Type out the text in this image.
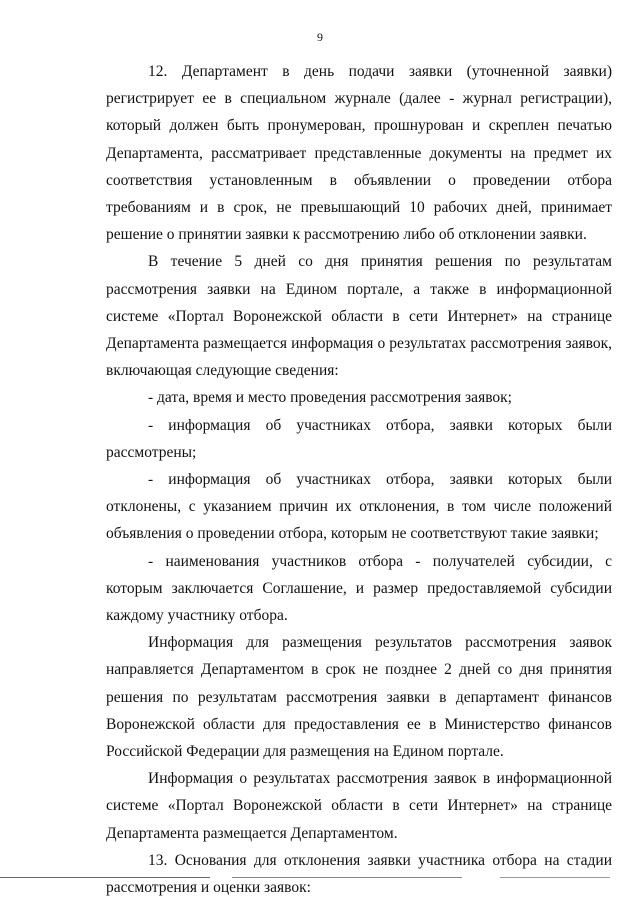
9

12. Департамент в день подачи заявки (уточненной заявки) регистрирует ее в специальном журнале (далее - журнал регистрации), который должен быть пронумерован, прошнурован и скреплен печатью Департамента, рассматривает представленные документы на предмет их соответствия установленным в объявлении о проведении отбора требованиям и в срок, не превышающий 10 рабочих дней, принимает решение о принятии заявки к рассмотрению либо об отклонении заявки.

В течение 5 дней со дня принятия решения по результатам рассмотрения заявки на Едином портале, а также в информационной системе «Портал Воронежской области в сети Интернет» на странице Департамента размещается информация о результатах рассмотрения заявок, включающая следующие сведения:

- дата, время и место проведения рассмотрения заявок;

- информация об участниках отбора, заявки которых были рассмотрены;

- информация об участниках отбора, заявки которых были отклонены, с указанием причин их отклонения, в том числе положений объявления о проведении отбора, которым не соответствуют такие заявки;

- наименования участников отбора - получателей субсидии, с которым заключается Соглашение, и размер предоставляемой субсидии каждому участнику отбора.

Информация для размещения результатов рассмотрения заявок направляется Департаментом в срок не позднее 2 дней со дня принятия решения по результатам рассмотрения заявки в департамент финансов Воронежской области для предоставления ее в Министерство финансов Российской Федерации для размещения на Едином портале.

Информация о результатах рассмотрения заявок в информационной системе «Портал Воронежской области в сети Интернет» на странице Департамента размещается Департаментом.

13. Основания для отклонения заявки участника отбора на стадии рассмотрения и оценки заявок:
